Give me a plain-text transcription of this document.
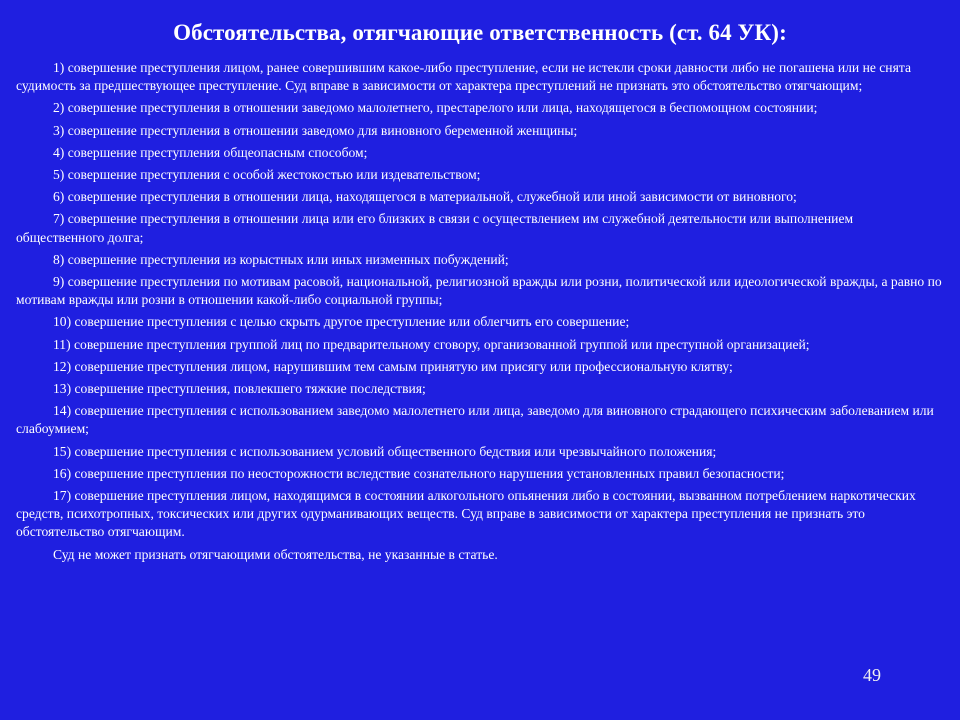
Обстоятельства, отягчающие ответственность (ст. 64 УК):
1) совершение преступления лицом, ранее совершившим какое-либо преступление, если не истекли сроки давности либо не погашена или не снята судимость за предшествующее преступление. Суд вправе в зависимости от характера преступлений не признать это обстоятельство отягчающим;
2) совершение преступления в отношении заведомо малолетнего, престарелого или лица, находящегося в беспомощном состоянии;
3) совершение преступления в отношении заведомо для виновного беременной женщины;
4) совершение преступления общеопасным способом;
5) совершение преступления с особой жестокостью или издевательством;
6) совершение преступления в отношении лица, находящегося в материальной, служебной или иной зависимости от виновного;
7) совершение преступления в отношении лица или его близких в связи с осуществлением им служебной деятельности или выполнением общественного долга;
8) совершение преступления из корыстных или иных низменных побуждений;
9) совершение преступления по мотивам расовой, национальной, религиозной вражды или розни, политической или идеологической вражды, а равно по мотивам вражды или розни в отношении какой-либо социальной группы;
10) совершение преступления с целью скрыть другое преступление или облегчить его совершение;
11) совершение преступления группой лиц по предварительному сговору, организованной группой или преступной организацией;
12) совершение преступления лицом, нарушившим тем самым принятую им присягу или профессиональную клятву;
13) совершение преступления, повлекшего тяжкие последствия;
14) совершение преступления с использованием заведомо малолетнего или лица, заведомо для виновного страдающего психическим заболеванием или слабоумием;
15) совершение преступления с использованием условий общественного бедствия или чрезвычайного положения;
16) совершение преступления по неосторожности вследствие сознательного нарушения установленных правил безопасности;
17) совершение преступления лицом, находящимся в состоянии алкогольного опьянения либо в состоянии, вызванном потреблением наркотических средств, психотропных, токсических или других одурманивающих веществ. Суд вправе в зависимости от характера преступления не признать это обстоятельство отягчающим.
Суд не может признать отягчающими обстоятельства, не указанные в статье.
49
